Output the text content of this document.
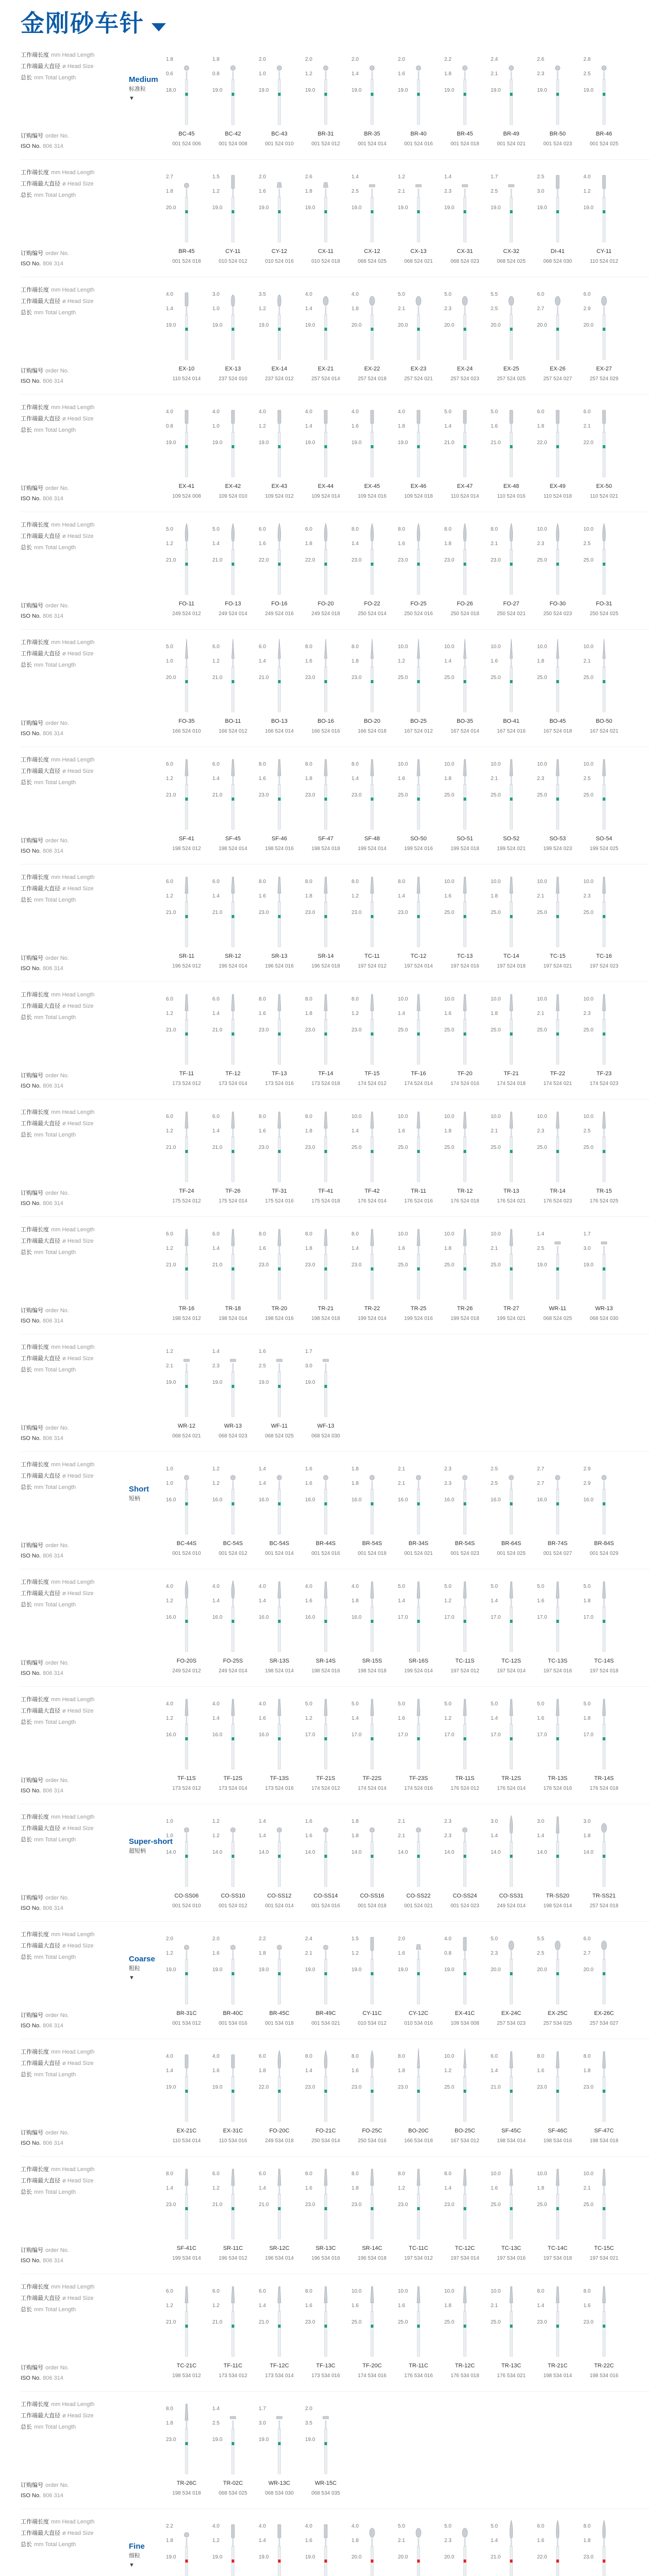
金刚砂车针
工作端长度 mm Head Length
工作端最大直径 ø Head Size
总长 mm Total Length
订购编号 order No.
ISO No. 806 314
Medium
标准粒
▼
1.8
0.6
18.0
BC-45
001 524 006
1.8
0.8
19.0
BC-42
001 524 008
2.0
1.0
19.0
BC-43
001 524 010
2.0
1.2
19.0
BR-31
001 524 012
2.0
1.4
19.0
BR-35
001 524 014
2.0
1.6
19.0
BR-40
001 524 016
2.2
1.8
19.0
BR-45
001 524 018
2.4
2.1
19.0
BR-49
001 524 021
2.6
2.3
19.0
BR-50
001 524 023
2.8
2.5
19.0
BR-46
001 524 025
工作端长度 mm Head Length
工作端最大直径 ø Head Size
总长 mm Total Length
订购编号 order No.
ISO No. 806 314
2.7
1.8
20.0
BR-45
001 524 018
1.5
1.2
19.0
CY-11
010 524 012
2.0
1.6
19.0
CY-12
010 524 016
2.6
1.8
19.0
CX-11
010 524 018
1.4
2.5
19.0
CX-12
068 524 025
1.2
2.1
19.0
CX-13
068 524 021
1.4
2.3
19.0
CX-31
068 524 023
1.7
2.5
19.0
CX-32
068 524 025
2.5
3.0
19.0
DI-41
068 524 030
4.0
1.2
19.0
CY-11
110 524 012
工作端长度 mm Head Length
工作端最大直径 ø Head Size
总长 mm Total Length
订购编号 order No.
ISO No. 806 314
4.0
1.4
19.0
EX-10
110 524 014
3.0
1.0
19.0
EX-13
237 524 010
3.5
1.2
19.0
EX-14
237 524 012
4.0
1.4
19.0
EX-21
257 524 014
4.0
1.8
20.0
EX-22
257 524 018
5.0
2.1
20.0
EX-23
257 524 021
5.0
2.3
20.0
EX-24
257 524 023
5.5
2.5
20.0
EX-25
257 524 025
6.0
2.7
20.0
EX-26
257 524 027
6.0
2.9
20.0
EX-27
257 524 029
工作端长度 mm Head Length
工作端最大直径 ø Head Size
总长 mm Total Length
订购编号 order No.
ISO No. 806 314
4.0
0.8
19.0
EX-41
109 524 008
4.0
1.0
19.0
EX-42
109 524 010
4.0
1.2
19.0
EX-43
109 524 012
4.0
1.4
19.0
EX-44
109 524 014
4.0
1.6
19.0
EX-45
109 524 016
4.0
1.8
19.0
EX-46
109 524 018
5.0
1.4
21.0
EX-47
110 524 014
5.0
1.6
21.0
EX-48
110 524 016
6.0
1.8
22.0
EX-49
110 524 018
6.0
2.1
22.0
EX-50
110 524 021
工作端长度 mm Head Length
工作端最大直径 ø Head Size
总长 mm Total Length
订购编号 order No.
ISO No. 806 314
5.0
1.2
21.0
FO-11
249 524 012
5.0
1.4
21.0
FO-13
249 524 014
6.0
1.6
22.0
FO-16
249 524 016
6.0
1.8
22.0
FO-20
249 524 018
8.0
1.4
23.0
FO-22
250 524 014
8.0
1.6
23.0
FO-25
250 524 016
8.0
1.8
23.0
FO-26
250 524 018
8.0
2.1
23.0
FO-27
250 524 021
10.0
2.3
25.0
FO-30
250 524 023
10.0
2.5
25.0
FO-31
250 524 025
工作端长度 mm Head Length
工作端最大直径 ø Head Size
总长 mm Total Length
订购编号 order No.
ISO No. 806 314
5.0
1.0
20.0
FO-35
166 524 010
6.0
1.2
21.0
BO-11
166 524 012
6.0
1.4
21.0
BO-13
166 524 014
8.0
1.6
23.0
BO-16
166 524 016
8.0
1.8
23.0
BO-20
166 524 018
10.0
1.2
25.0
BO-25
167 524 012
10.0
1.4
25.0
BO-35
167 524 014
10.0
1.6
25.0
BO-41
167 524 016
10.0
1.8
25.0
BO-45
167 524 018
10.0
2.1
25.0
BO-50
167 524 021
工作端长度 mm Head Length
工作端最大直径 ø Head Size
总长 mm Total Length
订购编号 order No.
ISO No. 806 314
6.0
1.2
21.0
SF-41
198 524 012
6.0
1.4
21.0
SF-45
198 524 014
8.0
1.6
23.0
SF-46
198 524 016
8.0
1.8
23.0
SF-47
198 524 018
8.0
1.4
23.0
SF-48
199 524 014
10.0
1.6
25.0
SO-50
199 524 016
10.0
1.8
25.0
SO-51
199 524 018
10.0
2.1
25.0
SO-52
199 524 021
10.0
2.3
25.0
SO-53
199 524 023
10.0
2.5
25.0
SO-54
199 524 025
工作端长度 mm Head Length
工作端最大直径 ø Head Size
总长 mm Total Length
订购编号 order No.
ISO No. 806 314
6.0
1.2
21.0
SR-11
196 524 012
6.0
1.4
21.0
SR-12
196 524 014
8.0
1.6
23.0
SR-13
196 524 016
8.0
1.8
23.0
SR-14
196 524 018
8.0
1.2
23.0
TC-11
197 524 012
8.0
1.4
23.0
TC-12
197 524 014
10.0
1.6
25.0
TC-13
197 524 016
10.0
1.8
25.0
TC-14
197 524 018
10.0
2.1
25.0
TC-15
197 524 021
10.0
2.3
25.0
TC-16
197 524 023
工作端长度 mm Head Length
工作端最大直径 ø Head Size
总长 mm Total Length
订购编号 order No.
ISO No. 806 314
6.0
1.2
21.0
TF-11
173 524 012
6.0
1.4
21.0
TF-12
173 524 014
8.0
1.6
23.0
TF-13
173 524 016
8.0
1.8
23.0
TF-14
173 524 018
8.0
1.2
23.0
TF-15
174 524 012
10.0
1.4
25.0
TF-16
174 524 014
10.0
1.6
25.0
TF-20
174 524 016
10.0
1.8
25.0
TF-21
174 524 018
10.0
2.1
25.0
TF-22
174 524 021
10.0
2.3
25.0
TF-23
174 524 023
工作端长度 mm Head Length
工作端最大直径 ø Head Size
总长 mm Total Length
订购编号 order No.
ISO No. 806 314
6.0
1.2
21.0
TF-24
175 524 012
6.0
1.4
21.0
TF-26
175 524 014
8.0
1.6
23.0
TF-31
175 524 016
8.0
1.8
23.0
TF-41
175 524 018
10.0
1.4
25.0
TF-42
176 524 014
10.0
1.6
25.0
TR-11
176 524 016
10.0
1.8
25.0
TR-12
176 524 018
10.0
2.1
25.0
TR-13
176 524 021
10.0
2.3
25.0
TR-14
176 524 023
10.0
2.5
25.0
TR-15
176 524 025
工作端长度 mm Head Length
工作端最大直径 ø Head Size
总长 mm Total Length
订购编号 order No.
ISO No. 806 314
6.0
1.2
21.0
TR-16
198 524 012
6.0
1.4
21.0
TR-18
198 524 014
8.0
1.6
23.0
TR-20
198 524 016
8.0
1.8
23.0
TR-21
198 524 018
8.0
1.4
23.0
TR-22
199 524 014
10.0
1.6
25.0
TR-25
199 524 016
10.0
1.8
25.0
TR-26
199 524 018
10.0
2.1
25.0
TR-27
199 524 021
1.4
2.5
19.0
WR-11
068 524 025
1.7
3.0
19.0
WR-13
068 524 030
工作端长度 mm Head Length
工作端最大直径 ø Head Size
总长 mm Total Length
订购编号 order No.
ISO No. 806 314
1.2
2.1
19.0
WR-12
068 524 021
1.4
2.3
19.0
WR-13
068 524 023
1.6
2.5
19.0
WF-11
068 524 025
1.7
3.0
19.0
WF-13
068 524 030
工作端长度 mm Head Length
工作端最大直径 ø Head Size
总长 mm Total Length
订购编号 order No.
ISO No. 806 314
Short
短柄
1.0
1.0
16.0
BC-44S
001 524 010
1.2
1.2
16.0
BC-54S
001 524 012
1.4
1.4
16.0
BC-54S
001 524 014
1.6
1.6
16.0
BR-44S
001 524 016
1.8
1.8
16.0
BR-54S
001 524 018
2.1
2.1
16.0
BR-34S
001 524 021
2.3
2.3
16.0
BR-54S
001 524 023
2.5
2.5
16.0
BR-64S
001 524 025
2.7
2.7
16.0
BR-74S
001 524 027
2.9
2.9
16.0
BR-84S
001 524 029
工作端长度 mm Head Length
工作端最大直径 ø Head Size
总长 mm Total Length
订购编号 order No.
ISO No. 806 314
4.0
1.2
16.0
FO-20S
249 524 012
4.0
1.4
16.0
FO-25S
249 524 014
4.0
1.4
16.0
SR-13S
198 524 014
4.0
1.6
16.0
SR-14S
198 524 016
4.0
1.8
16.0
SR-15S
198 524 018
5.0
1.4
17.0
SR-16S
199 524 014
5.0
1.2
17.0
TC-11S
197 524 012
5.0
1.4
17.0
TC-12S
197 524 014
5.0
1.6
17.0
TC-13S
197 524 016
5.0
1.8
17.0
TC-14S
197 524 018
工作端长度 mm Head Length
工作端最大直径 ø Head Size
总长 mm Total Length
订购编号 order No.
ISO No. 806 314
4.0
1.2
16.0
TF-11S
173 524 012
4.0
1.4
16.0
TF-12S
173 524 014
4.0
1.6
16.0
TF-13S
173 524 016
5.0
1.2
17.0
TF-21S
174 524 012
5.0
1.4
17.0
TF-22S
174 524 014
5.0
1.6
17.0
TF-23S
174 524 016
5.0
1.2
17.0
TR-11S
176 524 012
5.0
1.4
17.0
TR-12S
176 524 014
5.0
1.6
17.0
TR-13S
176 524 016
5.0
1.8
17.0
TR-14S
176 524 018
工作端长度 mm Head Length
工作端最大直径 ø Head Size
总长 mm Total Length
订购编号 order No.
ISO No. 806 314
Super-short
超短柄
1.0
1.0
14.0
CO-SS06
001 524 010
1.2
1.2
14.0
CO-SS10
001 524 012
1.4
1.4
14.0
CO-SS12
001 524 014
1.6
1.6
14.0
CO-SS14
001 524 016
1.8
1.8
14.0
CO-SS16
001 524 018
2.1
2.1
14.0
CO-SS22
001 524 021
2.3
2.3
14.0
CO-SS24
001 524 023
3.0
1.4
14.0
CO-SS31
249 524 014
3.0
1.4
14.0
TR-SS20
198 524 014
3.0
1.8
14.0
TR-SS21
257 524 018
工作端长度 mm Head Length
工作端最大直径 ø Head Size
总长 mm Total Length
订购编号 order No.
ISO No. 806 314
Coarse
粗粒
▼
2.0
1.2
19.0
BR-31C
001 534 012
2.0
1.6
19.0
BR-40C
001 534 016
2.2
1.8
19.0
BR-45C
001 534 018
2.4
2.1
19.0
BR-49C
001 534 021
1.5
1.2
19.0
CY-11C
010 534 012
2.0
1.6
19.0
CY-12C
010 534 016
4.0
0.8
19.0
EX-41C
109 534 008
5.0
2.3
20.0
EX-24C
257 534 023
5.5
2.5
20.0
EX-25C
257 534 025
6.0
2.7
20.0
EX-26C
257 534 027
工作端长度 mm Head Length
工作端最大直径 ø Head Size
总长 mm Total Length
订购编号 order No.
ISO No. 806 314
4.0
1.4
19.0
EX-21C
110 534 014
4.0
1.6
19.0
EX-31C
110 534 016
6.0
1.8
22.0
FO-20C
249 534 018
8.0
1.4
23.0
FO-21C
250 534 014
8.0
1.6
23.0
FO-25C
250 534 016
8.0
1.8
23.0
BO-20C
166 534 018
10.0
1.2
25.0
BO-25C
167 534 012
6.0
1.4
21.0
SF-45C
198 534 014
8.0
1.6
23.0
SF-46C
198 534 016
8.0
1.8
23.0
SF-47C
198 534 018
工作端长度 mm Head Length
工作端最大直径 ø Head Size
总长 mm Total Length
订购编号 order No.
ISO No. 806 314
8.0
1.4
23.0
SF-41C
199 534 014
6.0
1.2
21.0
SR-11C
196 534 012
6.0
1.4
21.0
SR-12C
196 534 014
8.0
1.6
23.0
SR-13C
196 534 016
8.0
1.8
23.0
SR-14C
196 534 018
8.0
1.2
23.0
TC-11C
197 534 012
8.0
1.4
23.0
TC-12C
197 534 014
10.0
1.6
25.0
TC-13C
197 534 016
10.0
1.8
25.0
TC-14C
197 534 018
10.0
2.1
25.0
TC-15C
197 534 021
工作端长度 mm Head Length
工作端最大直径 ø Head Size
总长 mm Total Length
订购编号 order No.
ISO No. 806 314
6.0
1.2
21.0
TC-21C
198 534 012
6.0
1.2
21.0
TF-11C
173 534 012
6.0
1.4
21.0
TF-12C
173 534 014
8.0
1.6
23.0
TF-13C
173 534 016
10.0
1.6
25.0
TF-20C
174 534 016
10.0
1.6
25.0
TR-11C
176 534 016
10.0
1.8
25.0
TR-12C
176 534 018
10.0
2.1
25.0
TR-13C
176 534 021
8.0
1.4
23.0
TR-21C
198 534 014
8.0
1.6
23.0
TR-22C
198 534 016
工作端长度 mm Head Length
工作端最大直径 ø Head Size
总长 mm Total Length
订购编号 order No.
ISO No. 806 314
8.0
1.8
23.0
TR-26C
198 534 018
1.4
2.5
19.0
TR-02C
068 534 025
1.7
3.0
19.0
WR-13C
068 534 030
2.0
3.5
19.0
WR-15C
068 534 035
工作端长度 mm Head Length
工作端最大直径 ø Head Size
总长 mm Total Length	Fine
细粒
▼
2.2
1.8
19.0
4.0
1.2
19.0
4.0
1.4
19.0
4.0
1.6
19.0
4.0
1.8
20.0
5.0
2.1
20.0
5.0
2.3
20.0
5.0
1.4
21.0
6.0
1.6
22.0
8.0
1.8
23.0
